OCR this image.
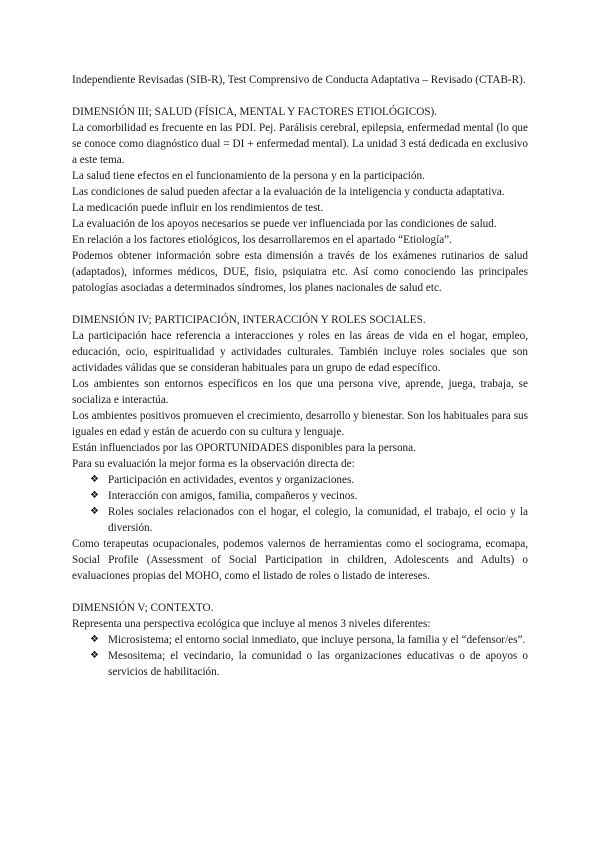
Independiente Revisadas (SIB-R), Test Comprensivo de Conducta Adaptativa – Revisado (CTAB-R).

DIMENSIÓN III; SALUD (FÍSICA, MENTAL Y FACTORES ETIOLÓGICOS).

La comorbilidad es frecuente en las PDI. Pej. Parálisis cerebral, epilepsia, enfermedad mental (lo que se conoce como diagnóstico dual = DI + enfermedad mental). La unidad 3 está dedicada en exclusivo a este tema.

La salud tiene efectos en el funcionamiento de la persona y en la participación.

Las condiciones de salud pueden afectar a la evaluación de la inteligencia y conducta adaptativa.

La medicación puede influir en los rendimientos de test.

La evaluación de los apoyos necesarios se puede ver influenciada por las condiciones de salud.

En relación a los factores etiológicos, los desarrollaremos en el apartado “Etiología”.

Podemos obtener información sobre esta dimensión a través de los exámenes rutinarios de salud (adaptados), informes médicos, DUE, fisio, psiquiatra etc. Así como conociendo las principales patologías asociadas a determinados síndromes, los planes nacionales de salud etc.

DIMENSIÓN IV; PARTICIPACIÓN, INTERACCIÓN Y ROLES SOCIALES.

La participación hace referencia a interacciones y roles en las áreas de vida en el hogar, empleo, educación, ocio, espiritualidad y actividades culturales. También incluye roles sociales que son actividades válidas que se consideran habituales para un grupo de edad específico.

Los ambientes son entornos específicos en los que una persona vive, aprende, juega, trabaja, se socializa e interactúa.

Los ambientes positivos promueven el crecimiento, desarrollo y bienestar. Son los habituales para sus iguales en edad y están de acuerdo con su cultura y lenguaje.

Están influenciados por las OPORTUNIDADES disponibles para la persona.

Para su evaluación la mejor forma es la observación directa de:

❖ Participación en actividades, eventos y organizaciones.
❖ Interacción con amigos, familia, compañeros y vecinos.
❖ Roles sociales relacionados con el hogar, el colegio, la comunidad, el trabajo, el ocio y la diversión.

Como terapeutas ocupacionales, podemos valernos de herramientas como el sociograma, ecomapa, Social Profile (Assessment of Social Participation in children, Adolescents and Adults) o evaluaciones propias del MOHO, como el listado de roles o listado de intereses.

DIMENSIÓN V; CONTEXTO.

Representa una perspectiva ecológica que incluye al menos 3 niveles diferentes:

❖ Microsistema; el entorno social inmediato, que incluye persona, la familia y el “defensor/es”.
❖ Mesositema; el vecindario, la comunidad o las organizaciones educativas o de apoyos o servicios de habilitación.
